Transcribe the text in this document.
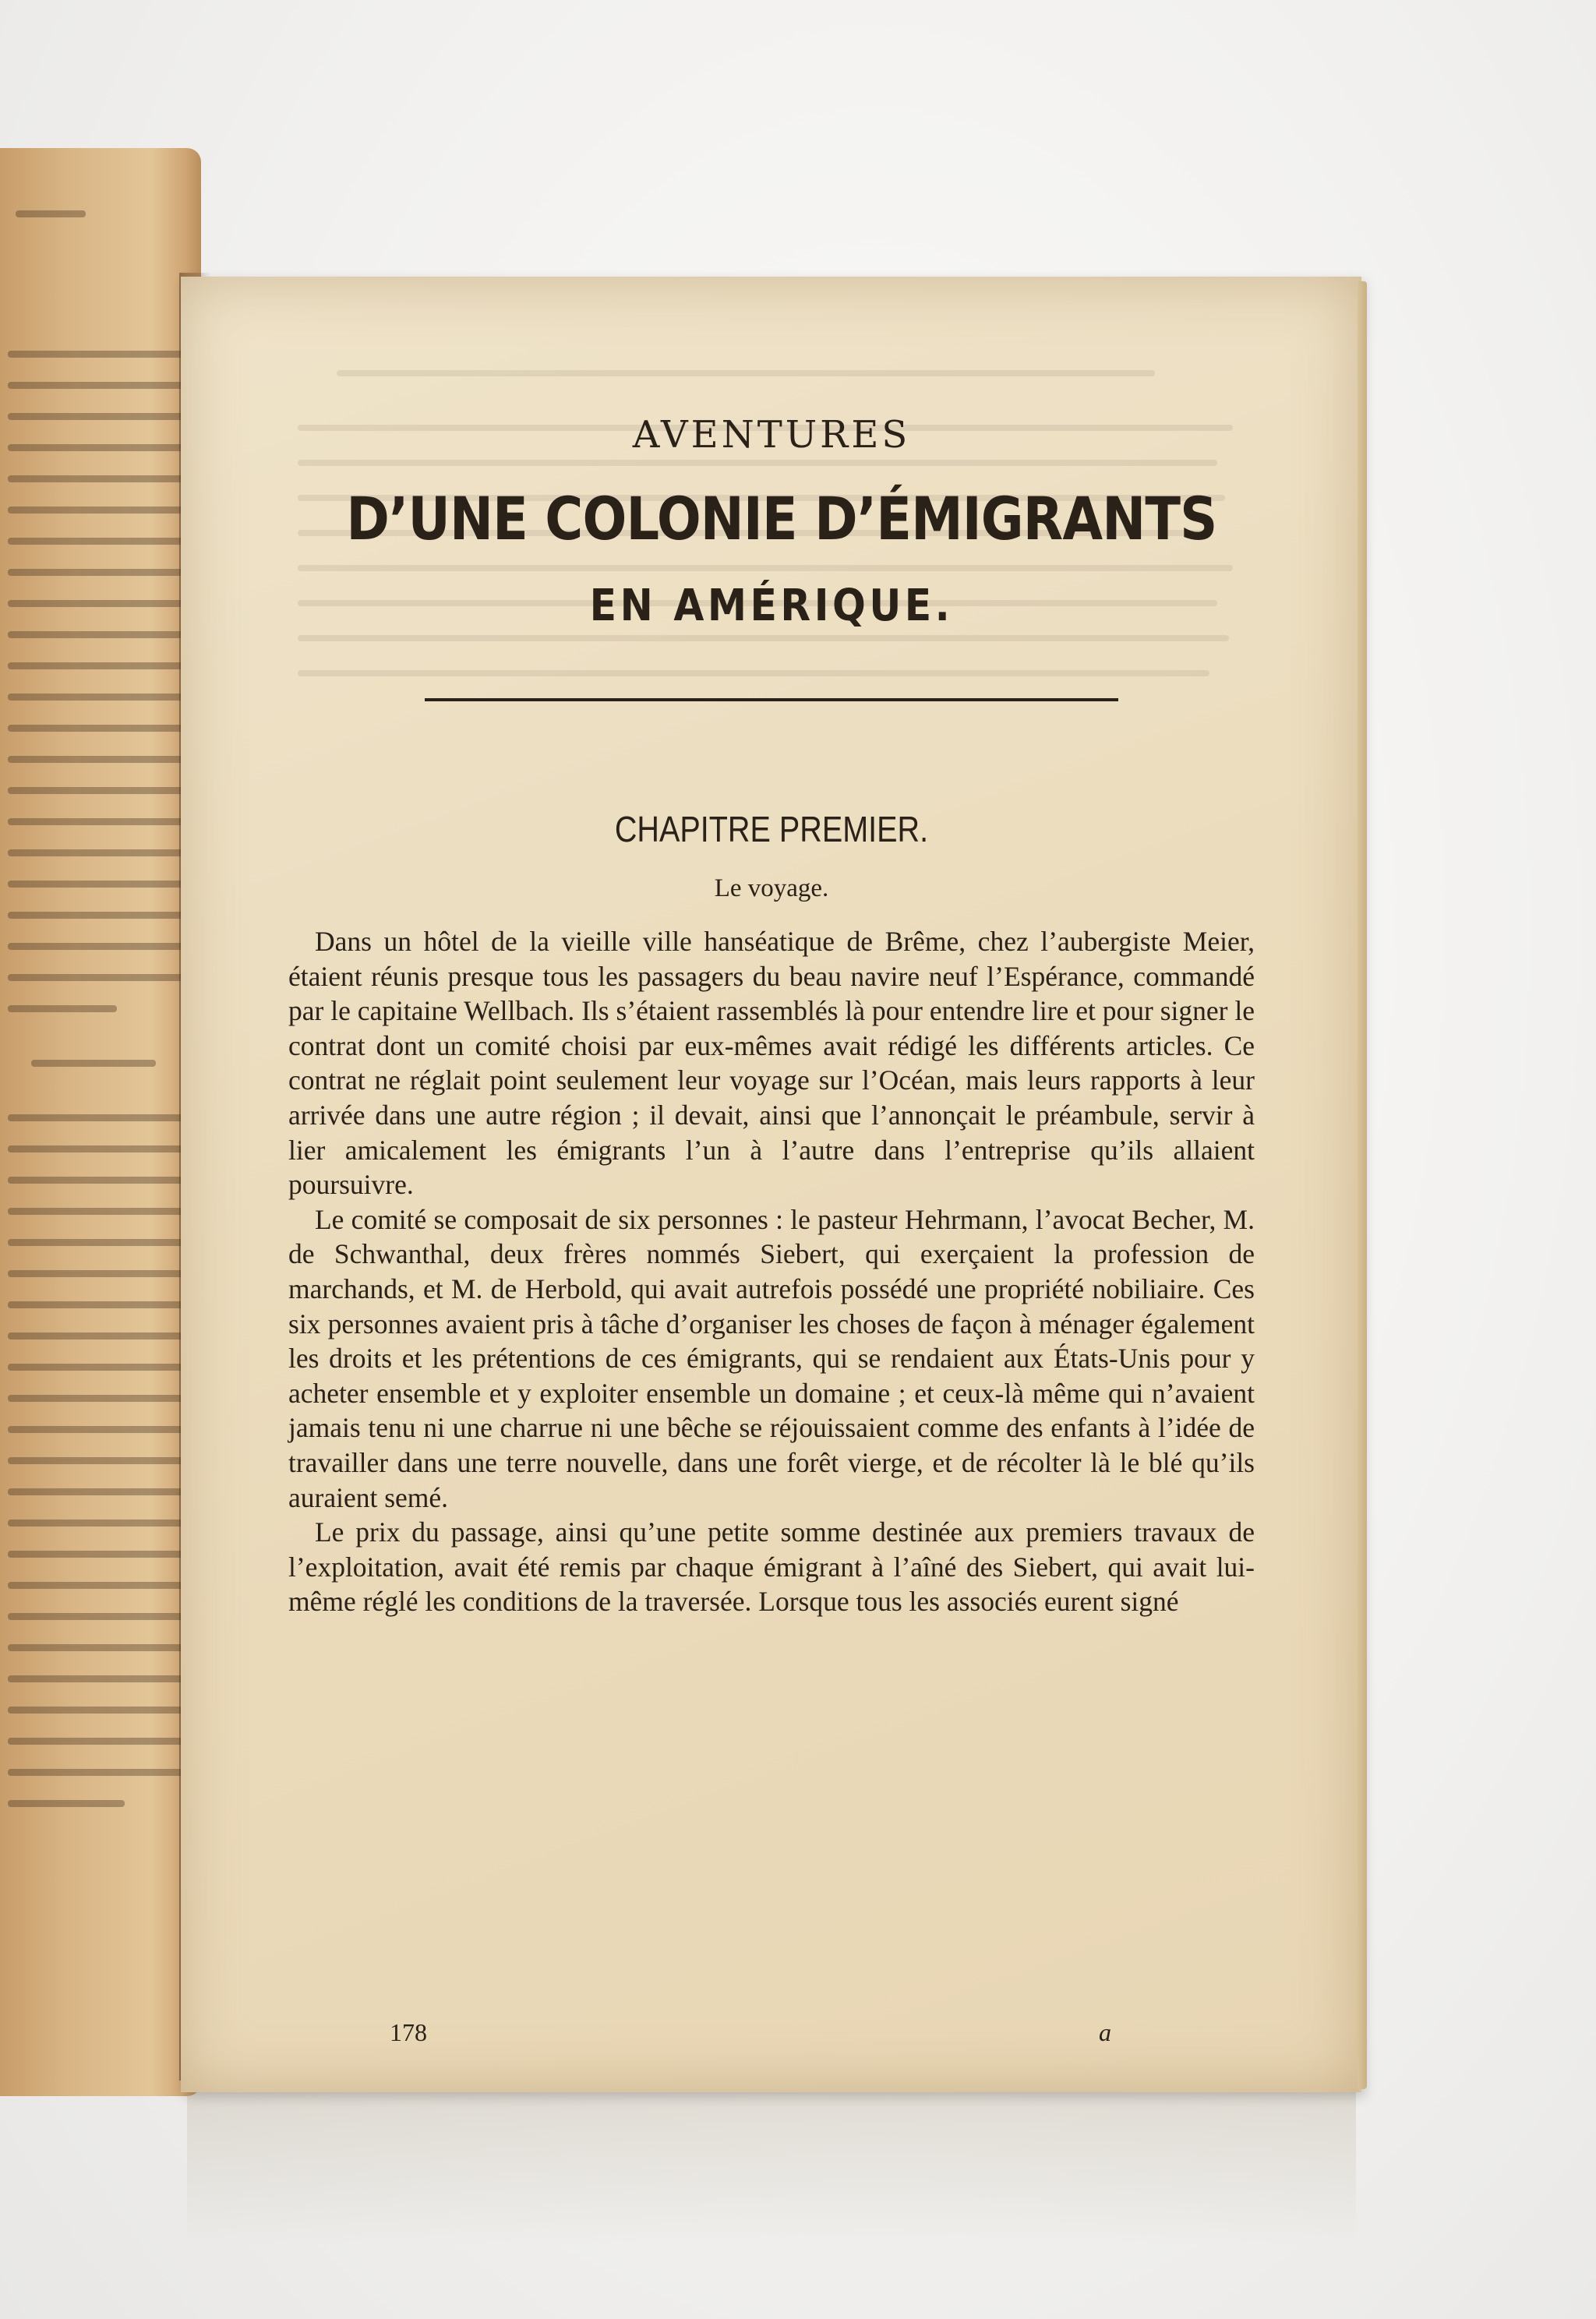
AVENTURES
D’UNE COLONIE D’ÉMIGRANTS
EN AMÉRIQUE.
CHAPITRE PREMIER.
Le voyage.

Dans un hôtel de la vieille ville hanséatique de Brême, chez l’aubergiste Meier, étaient réunis presque tous les passagers du beau navire neuf l’Espérance, commandé par le capitaine Wellbach. Ils s’étaient rassemblés là pour entendre lire et pour signer le contrat dont un comité choisi par eux-mêmes avait rédigé les différents articles. Ce contrat ne réglait point seulement leur voyage sur l’Océan, mais leurs rapports à leur arrivée dans une autre région ; il devait, ainsi que l’annonçait le préambule, servir à lier amicalement les émigrants l’un à l’autre dans l’entreprise qu’ils allaient poursuivre.

Le comité se composait de six personnes : le pasteur Hehrmann, l’avocat Becher, M. de Schwanthal, deux frères nommés Siebert, qui exerçaient la profession de marchands, et M. de Herbold, qui avait autrefois possédé une propriété nobiliaire. Ces six personnes avaient pris à tâche d’organiser les choses de façon à ménager également les droits et les prétentions de ces émigrants, qui se rendaient aux États-Unis pour y acheter ensemble et y exploiter ensemble un domaine ; et ceux-là même qui n’avaient jamais tenu ni une charrue ni une bêche se réjouissaient comme des enfants à l’idée de travailler dans une terre nouvelle, dans une forêt vierge, et de récolter là le blé qu’ils auraient semé.

Le prix du passage, ainsi qu’une petite somme destinée aux premiers travaux de l’exploitation, avait été remis par chaque émigrant à l’aîné des Siebert, qui avait lui-même réglé les conditions de la traversée. Lorsque tous les associés eurent signé

178	a
